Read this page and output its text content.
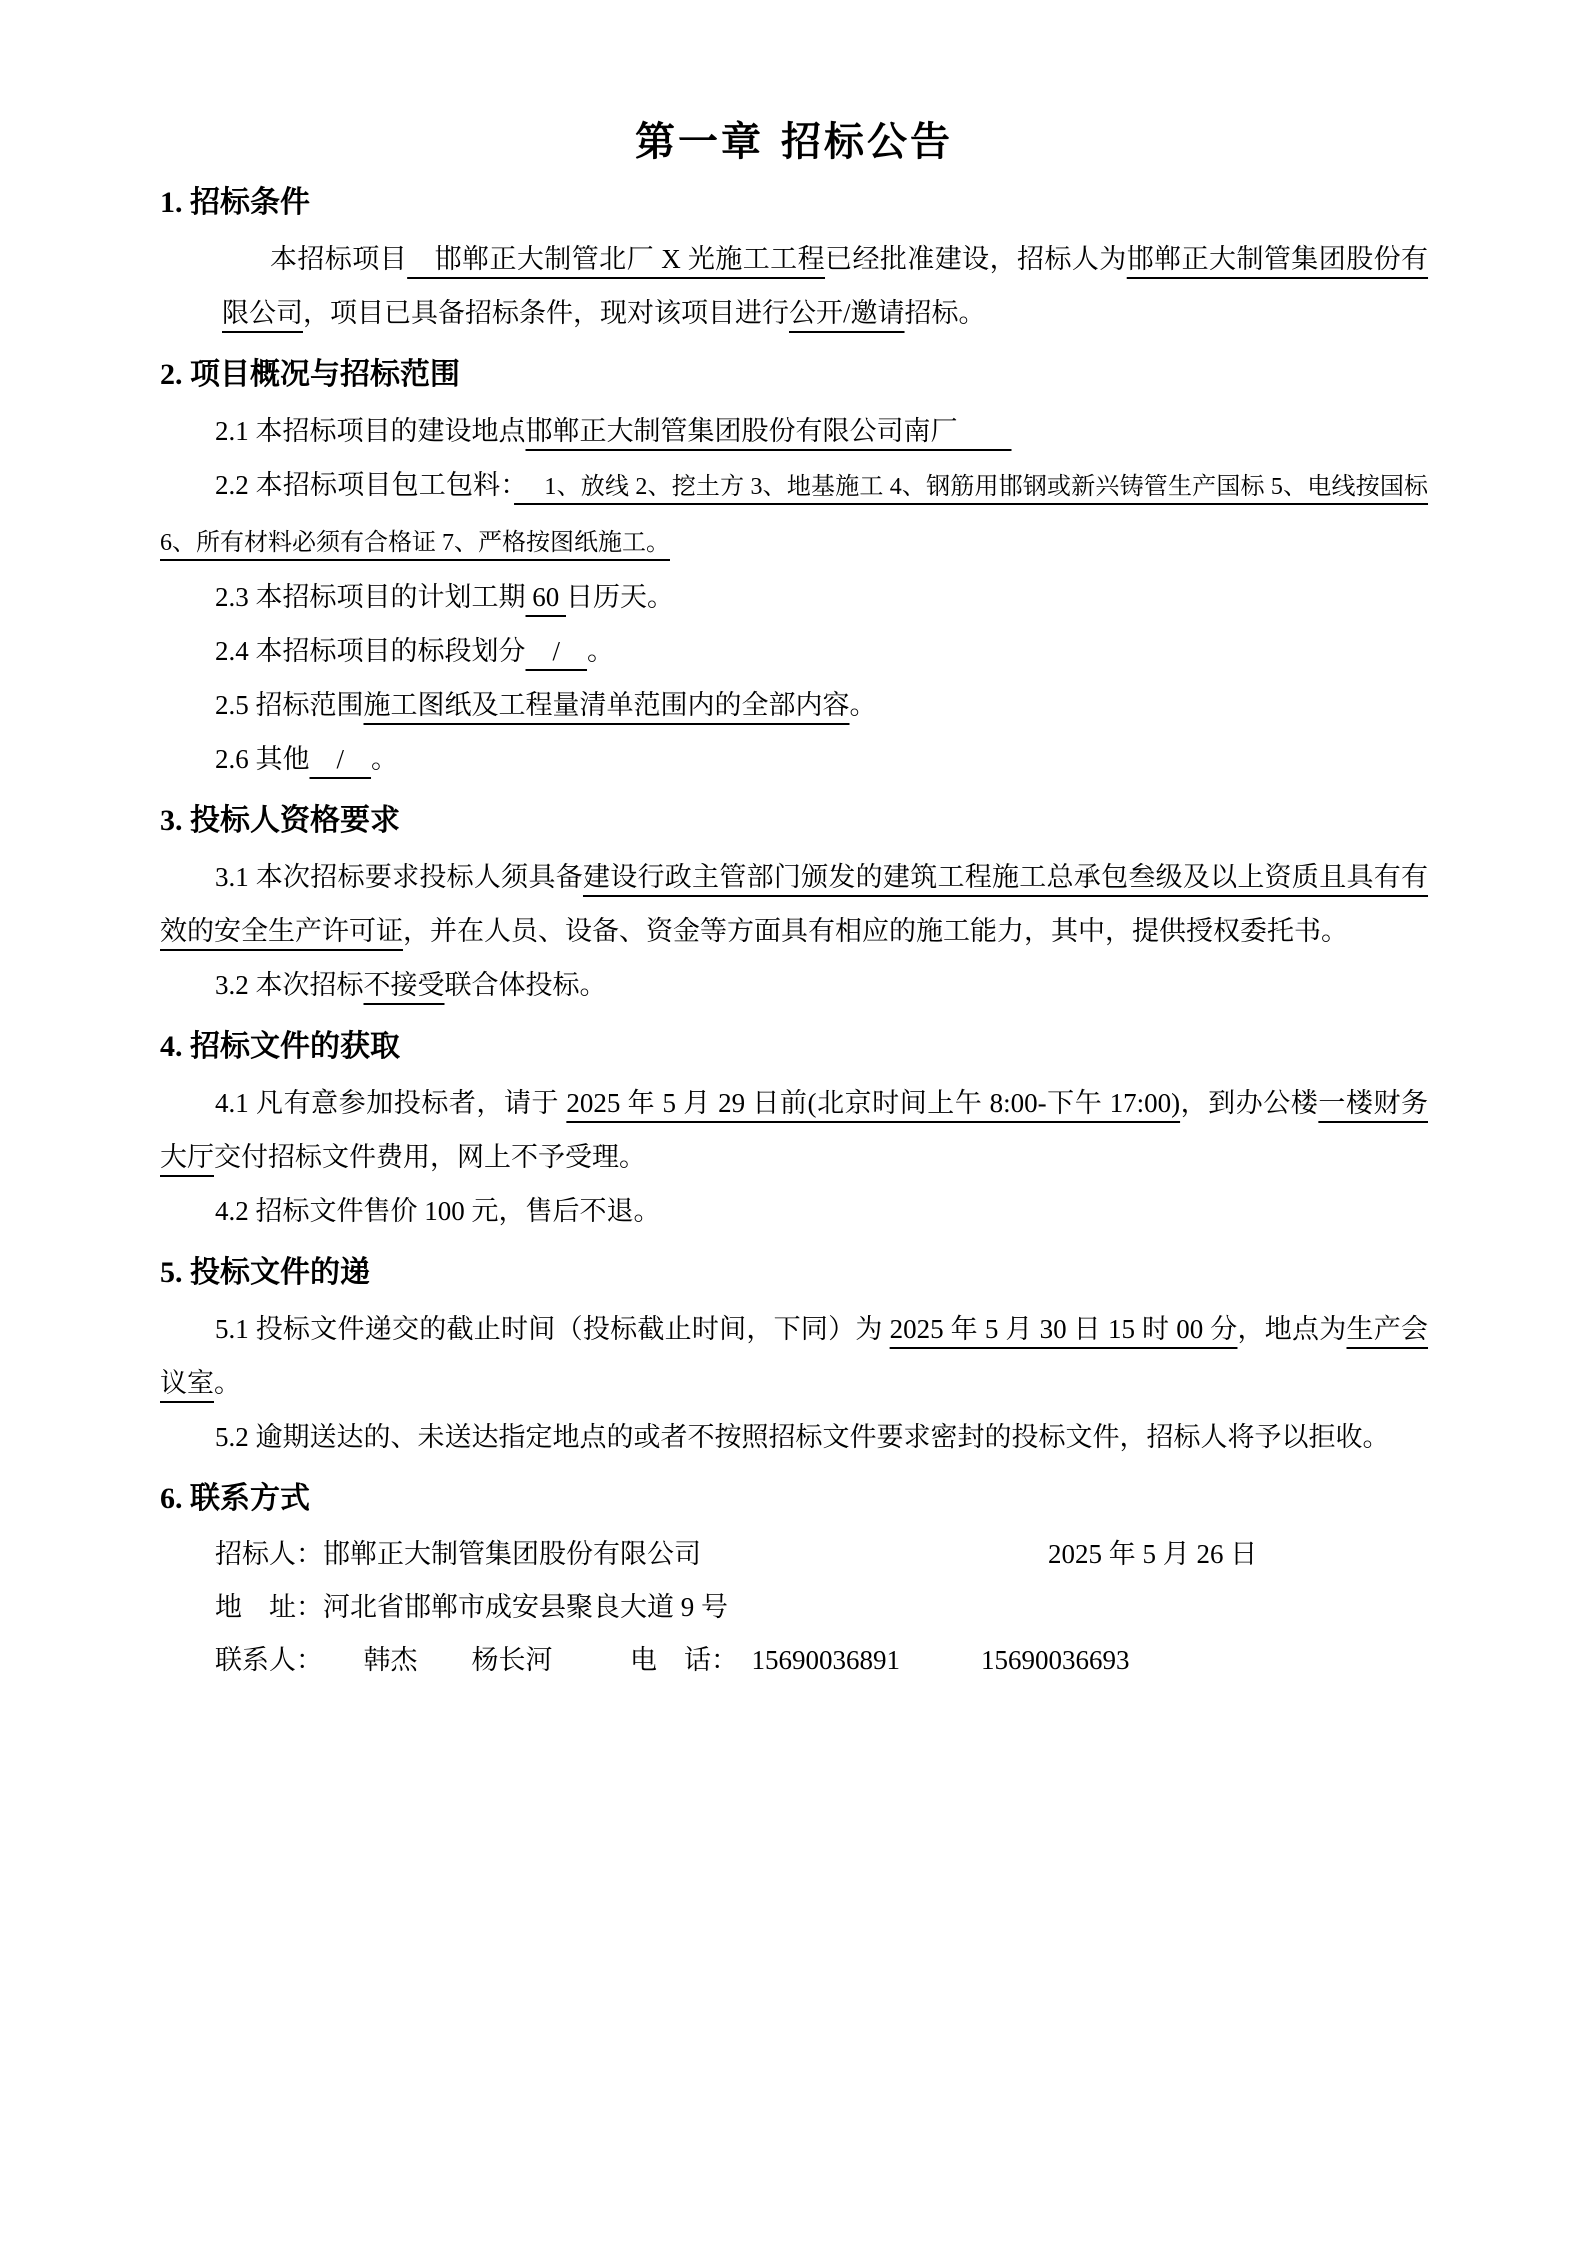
第一章 招标公告
1. 招标条件

本招标项目　邯郸正大制管北厂 X 光施工工程已经批准建设，招标人为邯郸正大制管集团股份有限公司，项目已具备招标条件，现对该项目进行公开/邀请招标。

2. 项目概况与招标范围

2.1 本招标项目的建设地点邯郸正大制管集团股份有限公司南厂　　

2.2 本招标项目包工包料：　 1、放线 2、挖土方 3、地基施工 4、钢筋用邯钢或新兴铸管生产国标 5、电线按国标 6、所有材料必须有合格证 7、严格按图纸施工。

2.3 本招标项目的计划工期 60 日历天。

2.4 本招标项目的标段划分　/　。

2.5 招标范围施工图纸及工程量清单范围内的全部内容。

2.6 其他　/　。

3. 投标人资格要求

3.1 本次招标要求投标人须具备建设行政主管部门颁发的建筑工程施工总承包叁级及以上资质且具有有效的安全生产许可证，并在人员、设备、资金等方面具有相应的施工能力，其中，提供授权委托书。

3.2 本次招标不接受联合体投标。

4. 招标文件的获取

4.1 凡有意参加投标者，请于 2025 年 5 月 29 日前(北京时间上午 8:00-下午 17:00)，到办公楼一楼财务大厅交付招标文件费用，网上不予受理。

4.2 招标文件售价 100 元，售后不退。

5. 投标文件的递

5.1 投标文件递交的截止时间（投标截止时间，下同）为 2025 年 5 月 30 日 15 时 00 分，地点为生产会议室。

5.2 逾期送达的、未送达指定地点的或者不按照招标文件要求密封的投标文件，招标人将予以拒收。

6. 联系方式
招标人：邯郸正大制管集团股份有限公司	2025 年 5 月 26 日
地　址：河北省邯郸市成安县聚良大道 9 号
联系人：　　韩杰　　杨长河	电　话：　15690036891　　　15690036693
